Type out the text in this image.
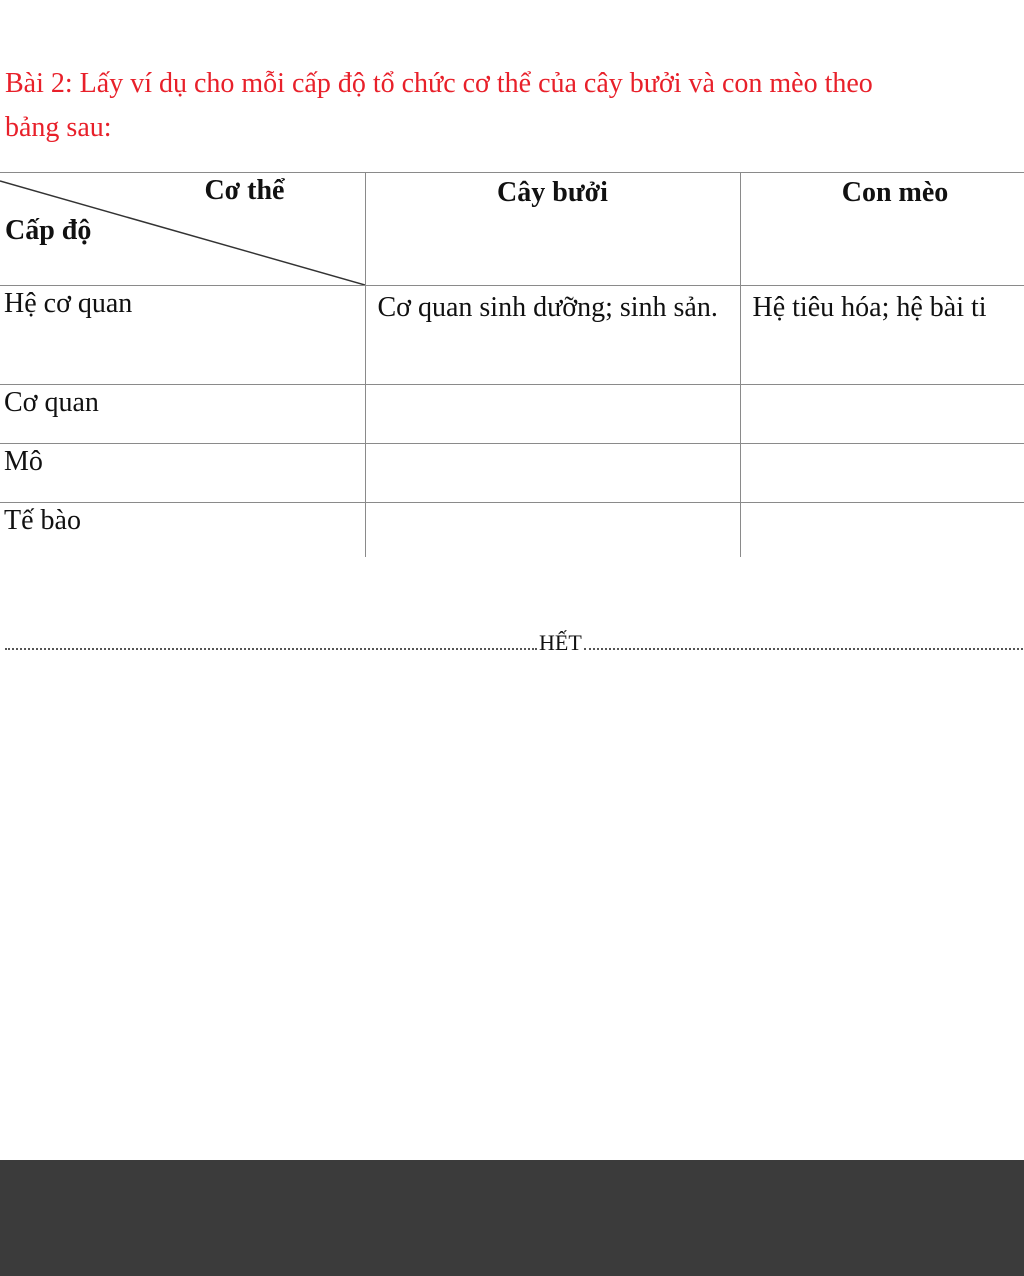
Bài 2: Lấy ví dụ cho mỗi cấp độ tổ chức cơ thể của cây bưởi và con mèo theo
bảng sau:
Cơ thể
Cấp độ	Cây bưởi	Con mèo

Hệ cơ quan	Cơ quan sinh dưỡng; sinh sản.	Hệ tiêu hóa; hệ bài ti

Cơ quan		
Mô		
Tế bào		
HẾT
